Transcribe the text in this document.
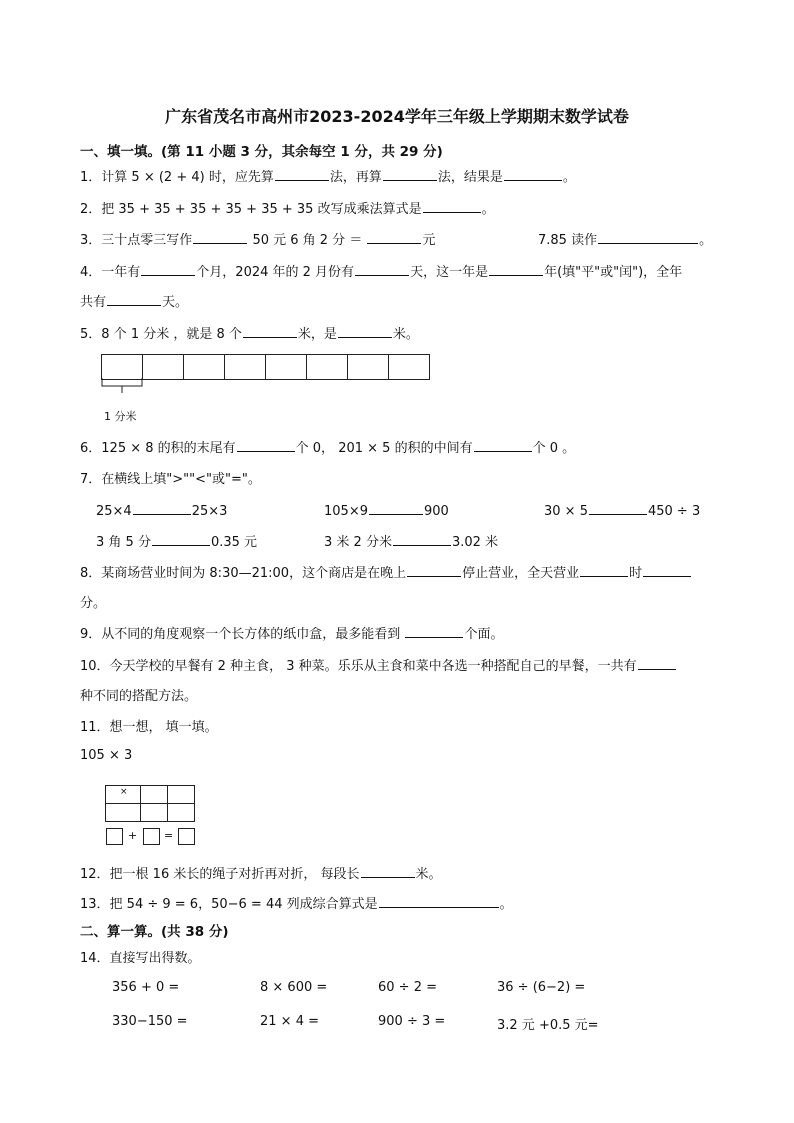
广东省茂名市高州市2023-2024学年三年级上学期期末数学试卷
一、填一填。(第 11 小题 3 分，其余每空 1 分，共 29 分)
1．计算 5 × (2 + 4) 时，应先算	法，再算	法，结果是	。
2．把 35 + 35 + 35 + 35 + 35 + 35 改写成乘法算式是	。
3．三十点零三写作	50 元 6 角 2 分 ＝	元	7.85 读作	。
4．一年有	个月，2024 年的 2 月份有	天，这一年是	年(填"平"或"闰")，全年
共有	天。
5．8 个 1 分米 ，就是 8 个	米，是	米。
1 分米
6．125 × 8 的积的末尾有	个 0， 201 × 5 的积的中间有	个 0 。
7．在横线上填">""<"或"="。
25×4	25×3	105×9	900	30 × 5	450 ÷ 3
3 角 5 分	0.35 元	3 米 2 分米	3.02 米
8．某商场营业时间为 8:30—21:00，这个商店是在晚上	停止营业，全天营业	时
分。
9．从不同的角度观察一个长方体的纸巾盒，最多能看到	个面。
10．今天学校的早餐有 2 种主食， 3 种菜。乐乐从主食和菜中各选一种搭配自己的早餐，一共有
种不同的搭配方法。
11．想一想， 填一填。
105 × 3
×
+ =
12．把一根 16 米长的绳子对折再对折， 每段长	米。
13．把 54 ÷ 9 = 6，50−6 = 44 列成综合算式是	。
二、算一算。(共 38 分)
14．直接写出得数。
356 + 0 =	8 × 600 =	60 ÷ 2 =	36 ÷ (6−2) =
330−150 =	21 × 4 =	900 ÷ 3 =	3.2 元 +0.5 元=
